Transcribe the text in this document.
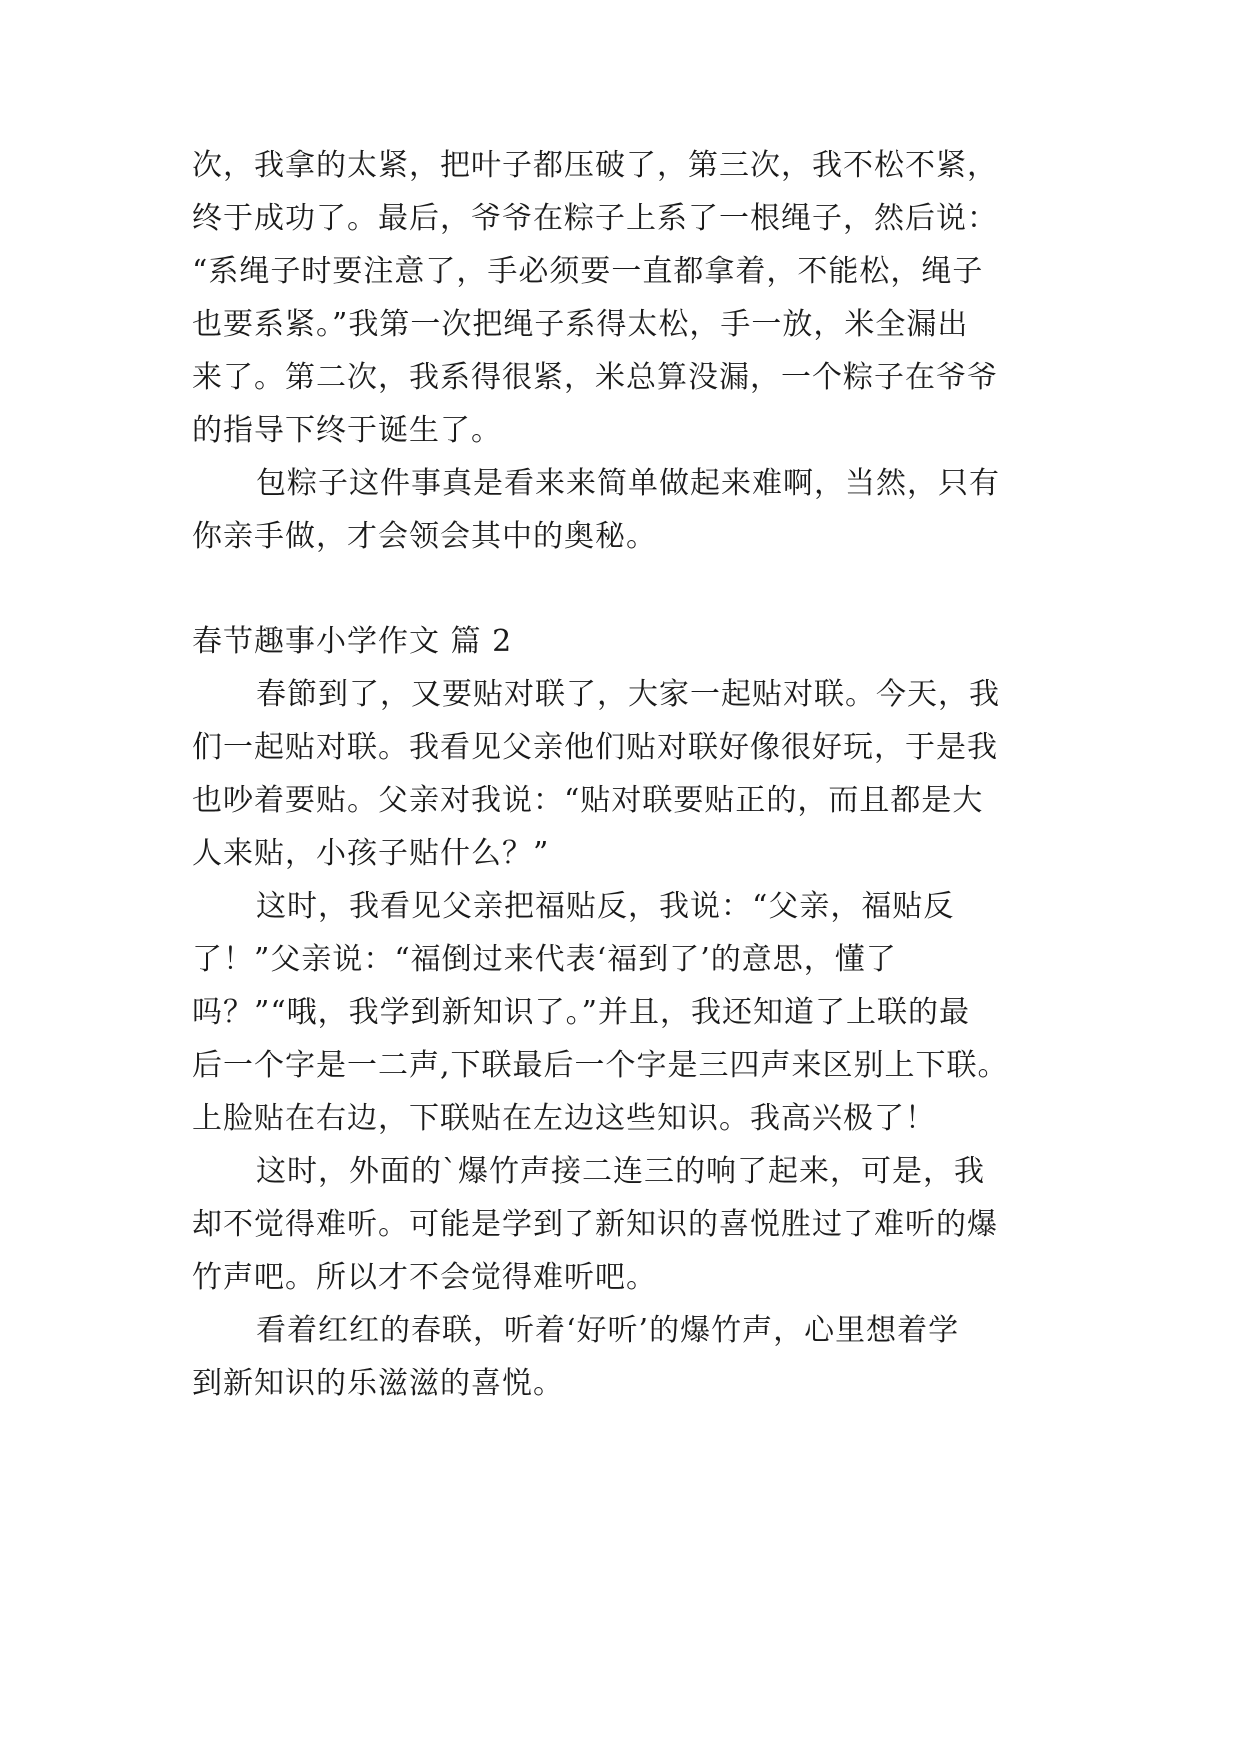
次，我拿的太紧，把叶子都压破了，第三次，我不松不紧，
终于成功了。最后，爷爷在粽子上系了一根绳子，然后说：
“系绳子时要注意了，手必须要一直都拿着，不能松，绳子
也要系紧。”我第一次把绳子系得太松，手一放，米全漏出
来了。第二次，我系得很紧，米总算没漏，一个粽子在爷爷
的指导下终于诞生了。
包粽子这件事真是看来来简单做起来难啊，当然，只有
你亲手做，才会领会其中的奥秘。
春节趣事小学作文 篇 2
春節到了，又要贴对联了，大家一起贴对联。今天，我
们一起贴对联。我看见父亲他们贴对联好像很好玩，于是我
也吵着要贴。父亲对我说：“贴对联要贴正的，而且都是大
人来贴，小孩子贴什么？”
这时，我看见父亲把福贴反，我说：“父亲，福贴反
了！”父亲说：“福倒过来代表‘福到了’的意思，懂了
吗？”“哦，我学到新知识了。”并且，我还知道了上联的最
后一个字是一二声,下联最后一个字是三四声来区别上下联。
上脸贴在右边，下联贴在左边这些知识。我高兴极了！
这时，外面的`爆竹声接二连三的响了起来，可是，我
却不觉得难听。可能是学到了新知识的喜悦胜过了难听的爆
竹声吧。所以才不会觉得难听吧。
看着红红的春联，听着‘好听’的爆竹声，心里想着学
到新知识的乐滋滋的喜悦。
